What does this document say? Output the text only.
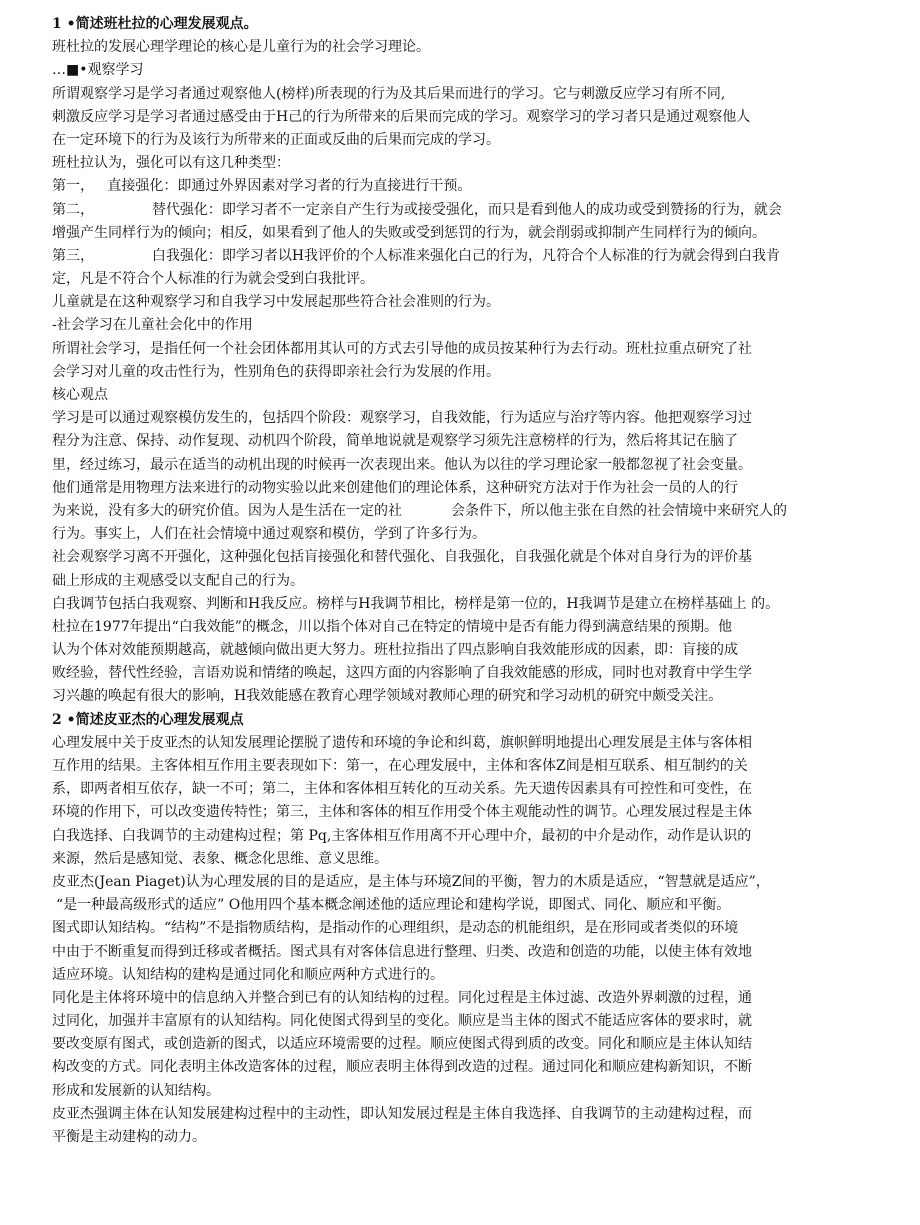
1 •简述班杜拉的心理发展观点。
班杜拉的发展心理学理论的核心是儿童行为的社会学习理论。
…■•观察学习
所谓观察学习是学习者通过观察他人(榜样)所表现的行为及其后果而进行的学习。它与刺激反应学习有所不同,
刺激反应学习是学习者通过感受由于H己的行为所带来的后果而完成的学习。观察学习的学习者只是通过观察他人
在一定环境下的行为及该行为所带来的正面或反曲的后果而完成的学习。
班杜拉认为，强化可以有这几种类型：
第一，   直接强化：即通过外界因素对学习者的行为直接进行干预。
第二，             替代强化：即学习者不一定亲自产生行为或接受强化，而只是看到他人的成功或受到赞扬的行为，就会
增强产生同样行为的倾向；相反，如果看到了他人的失败或受到惩罚的行为，就会削弱或抑制产生同样行为的倾向。
第三，             白我强化：即学习者以H我评价的个人标准来强化白己的行为，凡符合个人标准的行为就会得到白我肯
定，凡是不符合个人标准的行为就会受到白我批评。
儿童就是在这种观察学习和自我学习中发展起那些符合社会准则的行为。
-社会学习在儿童社会化中的作用
所谓社会学习，是指任何一个社会团体都用其认可的方式去引导他的成员按某种行为去行动。班杜拉重点研究了社
会学习对儿童的攻击性行为，性别角色的获得即亲社会行为发展的作用。
核心观点
学习是可以通过观察模仿发生的，包括四个阶段：观察学习，自我效能，行为适应与治疗等内容。他把观察学习过
程分为注意、保持、动作复现、动机四个阶段，简单地说就是观察学习须先注意榜样的行为，然后将其记在脑了
里，经过练习，最示在适当的动机出现的时候再一次表现出来。他认为以往的学习理论家一般都忽视了社会变量。
他们通常是用物理方法来进行的动物实验以此来创建他们的理论体系，这种研究方法对于作为社会一员的人的行
为来说，没有多大的研究价值。因为人是生活在一定的社           会条件下，所以他主张在自然的社会情境中来研究人的
行为。事实上，人们在社会情境中通过观察和模仿，学到了许多行为。
社会观察学习离不开强化，这种强化包括肓接强化和替代强化、自我强化，自我强化就是个体对自身行为的评价基
础上形成的主观感受以支配自己的行为。
白我调节包括白我观察、判断和H我反应。榜样与H我调节相比，榜样是第一位的，H我调节是建立在榜样基础上 的。
杜拉在1977年提出“白我效能”的概念，川以指个体对自己在特定的情境中是否有能力得到满意结果的预期。他
认为个体对效能预期越高，就越倾向做出更大努力。班杜拉指出了四点影响自我效能形成的因素，即：肓接的成
败经验，替代性经验，言语劝说和情绪的唤起，这四方面的内容影响了自我效能感的形成，同时也对教育中学生学
习兴趣的唤起有很大的影响，H我效能感在教育心理学领域对教师心理的研究和学习动机的研究中颇受关注。
2 •简述皮亚杰的心理发展观点
心理发展中关于皮亚杰的认知发展理论摆脱了遗传和环境的争论和纠葛，旗帜鲜明地提出心理发展是主体与客体相
互作用的结果。主客体相互作用主要表现如下：第一，在心理发展中，主体和客体Z间是相互联系、相互制约的关
系，即两者相互依存，缺一不可；第二，主体和客体相互转化的互动关系。先天遗传因素具有可控性和可变性，在
环境的作用下，可以改变遗传特性；第三，主体和客体的相互作用受个体主观能动性的调节。心理发展过程是主体
白我选择、白我调节的主动建构过程；第 Pq,主客体相互作用离不开心理中介，最初的中介是动作，动作是认识的
来源，然后是感知觉、表象、概念化思维、意义思维。
皮亚杰(Jean Piaget)认为心理发展的目的是适应，是主体与环境Z间的平衡，智力的木质是适应，“智慧就是适应”，
“是一种最高级形式的适应” O他用四个基本概念阐述他的适应理论和建构学说，即图式、同化、顺应和平衡。
图式即认知结构。“结构”不是指物质结构，是指动作的心理组织，是动态的机能组织，是在形同或者类似的环境
中由于不断重复而得到迁移或者概括。图式具有对客体信息进行整理、归类、改造和创造的功能，以使主体有效地
适应环境。认知结构的建构是通过同化和顺应两种方式进行的。
同化是主体将环境中的信息纳入并整合到已有的认知结构的过程。同化过程是主体过滤、改造外界刺激的过程，通
过同化，加强并丰富原有的认知结构。同化使图式得到呈的变化。顺应是当主体的图式不能适应客体的要求时，就
要改变原有图式，或创造新的图式，以适应环境需要的过程。顺应使图式得到质的改变。同化和顺应是主体认知结
构改变的方式。同化表明主体改造客体的过程，顺应表明主体得到改造的过程。通过同化和顺应建构新知识，不断
形成和发展新的认知结构。
皮亚杰强调主体在认知发展建构过程中的主动性，即认知发展过程是主体自我选择、自我调节的主动建构过程，而
平衡是主动建构的动力。
